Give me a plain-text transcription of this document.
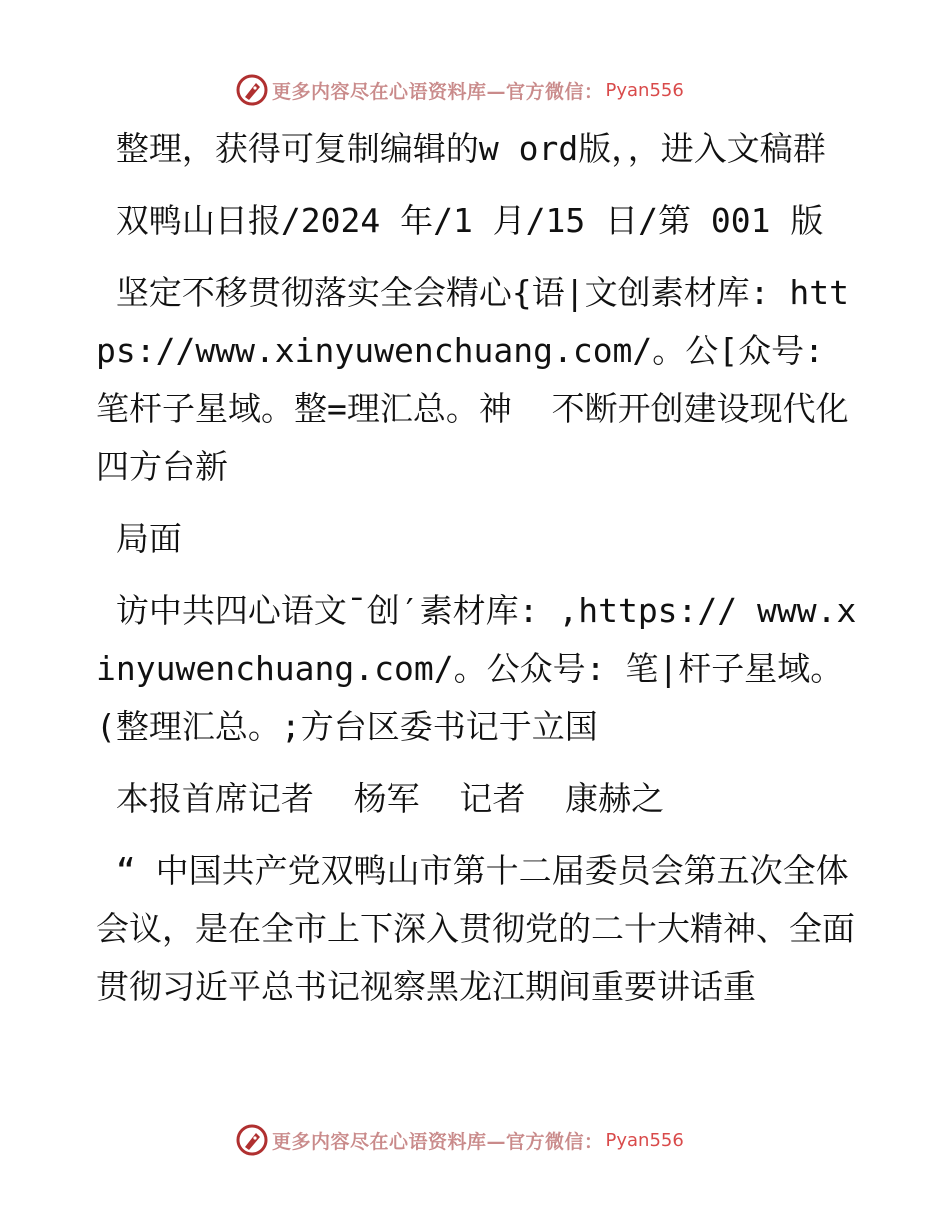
更多内容尽在心语资料库—官方微信： Pyan556

整理，获得可复制编辑的w ord版，，进入文稿群

双鸭山日报/2024 年/1 月/15 日/第 001 版

坚定不移贯彻落实全会精心{语|文创素材库: https://www.xinyuwenchuang.com/。公[众号: 笔杆子星域。整=理汇总。神  不断开创建设现代化四方台新

局面

访中共四心语文¯创′素材库: ,https:// www.xinyuwenchuang.com/。公众号: 笔|杆子星域。(整理汇总。;方台区委书记于立国

本报首席记者  杨军  记者  康赫之

“ 中国共产党双鸭山市第十二届委员会第五次全体会议，是在全市上下深入贯彻党的二十大精神、全面贯彻习近平总书记视察黑龙江期间重要讲话重

更多内容尽在心语资料库—官方微信： Pyan556
